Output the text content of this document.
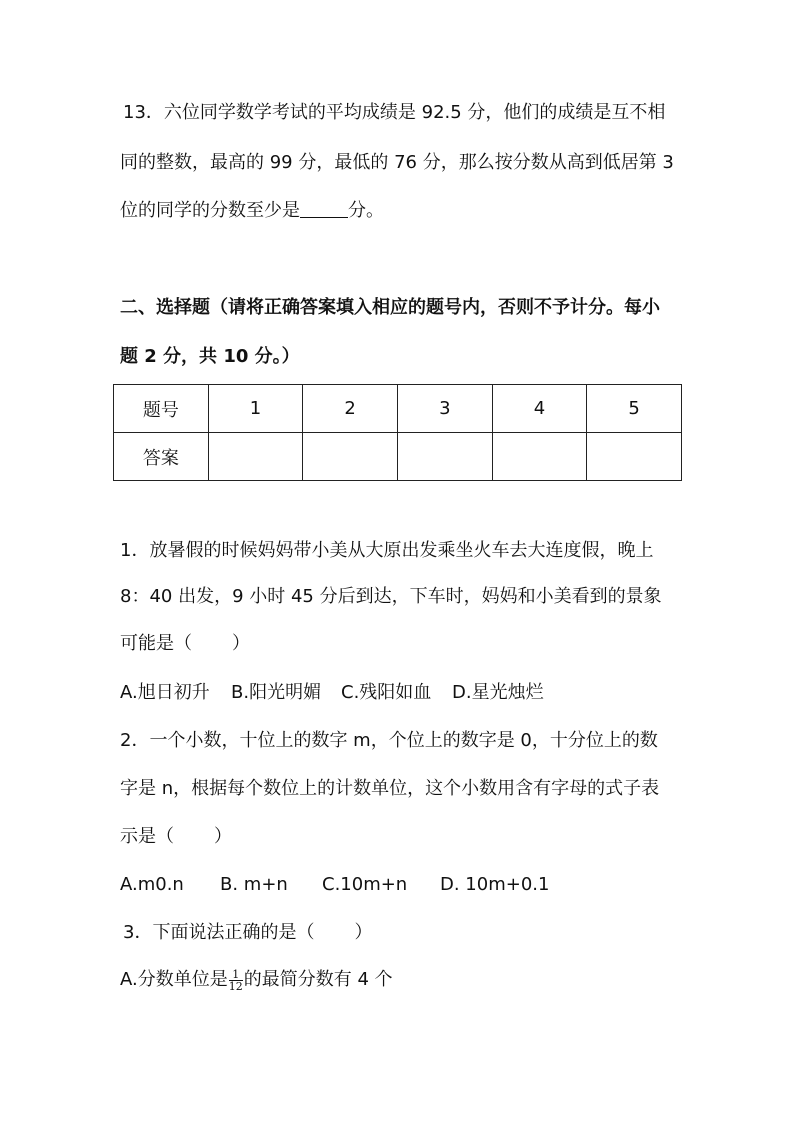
13．六位同学数学考试的平均成绩是 92.5 分，他们的成绩是互不相
同的整数，最高的 99 分，最低的 76 分，那么按分数从高到低居第 3
位的同学的分数至少是	分。
二、选择题（请将正确答案填入相应的题号内，否则不予计分。每小
题 2 分，共 10 分。）
题号	1	2	3	4	5
答案					
1．放暑假的时候妈妈带小美从大原出发乘坐火车去大连度假，晚上
8：40 出发，9 小时 45 分后到达，下车时，妈妈和小美看到的景象
可能是（ ）
A.旭日初升 B.阳光明媚 C.残阳如血 D.星光烛烂
2．一个小数，十位上的数字 m，个位上的数字是 0，十分位上的数
字是 n，根据每个数位上的计数单位，这个小数用含有字母的式子表
示是（ ）
A.m0.n B. m+n C.10m+n D. 10m+0.1
3．下面说法正确的是（ ）
A.分数单位是 $\frac{1}{12}$ 的最简分数有 4 个
